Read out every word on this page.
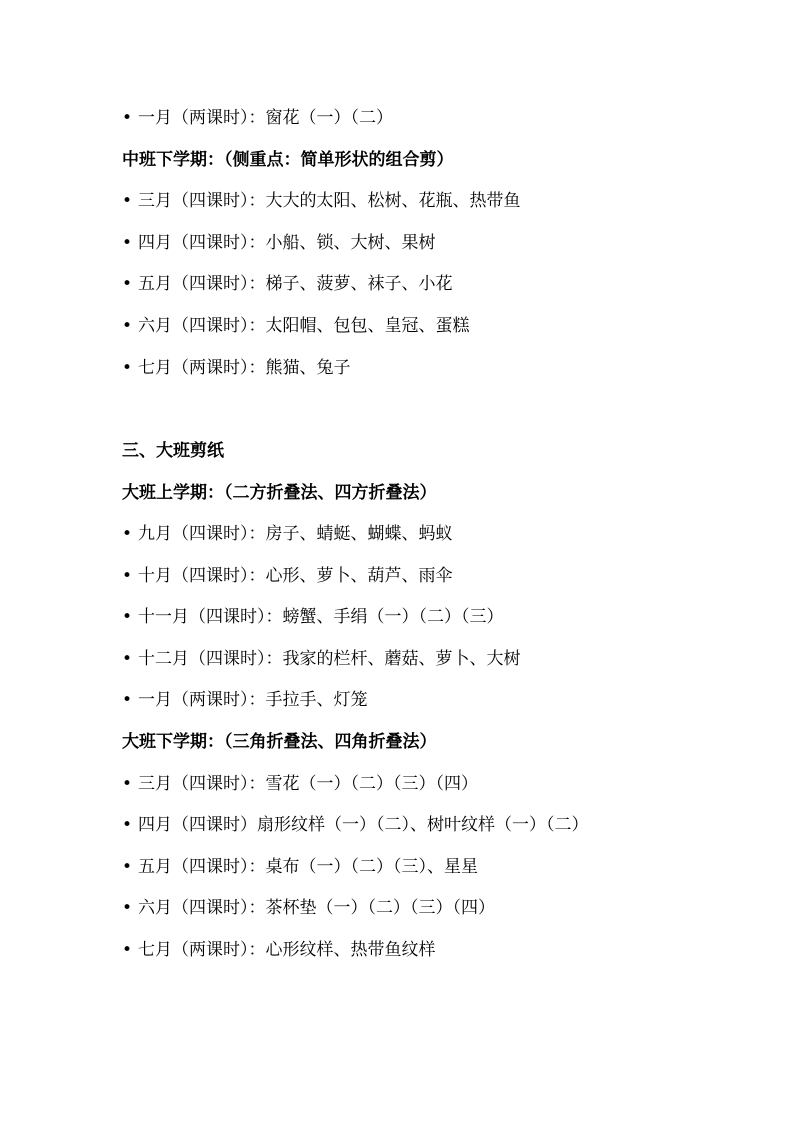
• 一月（两课时）：窗花（一）（二）
中班下学期：（侧重点：简单形状的组合剪）
• 三月（四课时）：大大的太阳、松树、花瓶、热带鱼
• 四月（四课时）：小船、锁、大树、果树
• 五月（四课时）：梯子、菠萝、袜子、小花
• 六月（四课时）：太阳帽、包包、皇冠、蛋糕
• 七月（两课时）：熊猫、兔子
三、大班剪纸
大班上学期：（二方折叠法、四方折叠法）
• 九月（四课时）：房子、蜻蜓、蝴蝶、蚂蚁
• 十月（四课时）：心形、萝卜、葫芦、雨伞
• 十一月（四课时）：螃蟹、手绢（一）（二）（三）
• 十二月（四课时）：我家的栏杆、蘑菇、萝卜、大树
• 一月（两课时）：手拉手、灯笼
大班下学期：（三角折叠法、四角折叠法）
• 三月（四课时）：雪花（一）（二）（三）（四）
• 四月（四课时）扇形纹样（一）（二）、树叶纹样（一）（二）
• 五月（四课时）：桌布（一）（二）（三）、星星
• 六月（四课时）：茶杯垫（一）（二）（三）（四）
• 七月（两课时）：心形纹样、热带鱼纹样
